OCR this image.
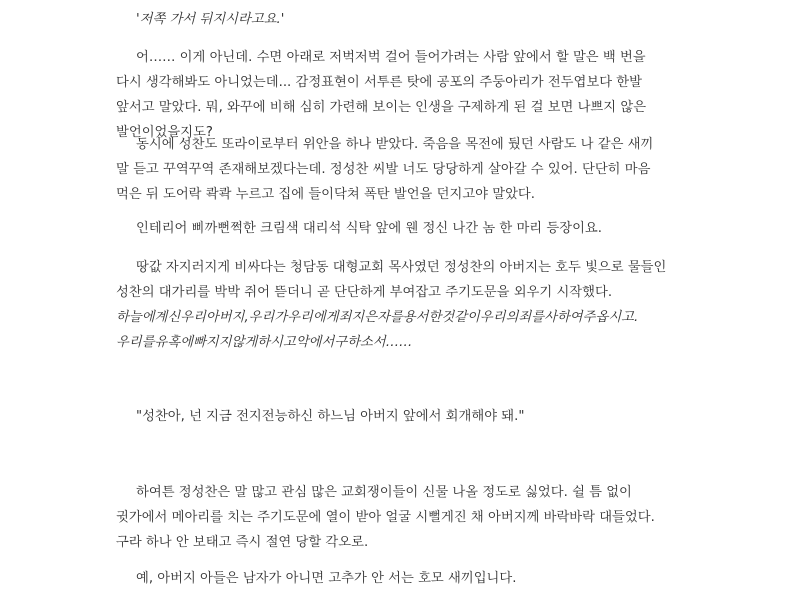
'저쪽 가서 뒤지시라고요.'

어…… 이게 아닌데. 수면 아래로 저벅저벅 걸어 들어가려는 사람 앞에서 할 말은 백 번을 다시 생각해봐도 아니었는데... 감정표현이 서투른 탓에 공포의 주둥아리가 전두엽보다 한발 앞서고 말았다. 뭐, 와꾸에 비해 심히 가련해 보이는 인생을 구제하게 된 걸 보면 나쁘지 않은 발언이었을지도?

동시에 성찬도 또라이로부터 위안을 하나 받았다. 죽음을 목전에 뒀던 사람도 나 같은 새끼 말 듣고 꾸역꾸역 존재해보겠다는데. 정성찬 씨발 너도 당당하게 살아갈 수 있어. 단단히 마음 먹은 뒤 도어락 콱콱 누르고 집에 들이닥쳐 폭탄 발언을 던지고야 말았다.

인테리어 삐까뻔쩍한 크림색 대리석 식탁 앞에 웬 정신 나간 놈 한 마리 등장이요.

땅값 자지러지게 비싸다는 청담동 대형교회 목사였던 정성찬의 아버지는 호두 빛으로 물들인 성찬의 대가리를 박박 쥐어 뜯더니 곧 단단하게 부여잡고 주기도문을 외우기 시작했다. 하늘에계신우리아버지,우리가우리에게죄지은자를용서한것같이우리의죄를사하여주옵시고. 우리를유혹에빠지지않게하시고악에서구하소서……

"성찬아, 넌 지금 전지전능하신 하느님 아버지 앞에서 회개해야 돼."

하여튼 정성찬은 말 많고 관심 많은 교회쟁이들이 신물 나올 정도로 싫었다. 쉴 틈 없이 귓가에서 메아리를 치는 주기도문에 열이 받아 얼굴 시뻘게진 채 아버지께 바락바락 대들었다. 구라 하나 안 보태고 즉시 절연 당할 각오로.

예, 아버지 아들은 남자가 아니면 고추가 안 서는 호모 새끼입니다.
